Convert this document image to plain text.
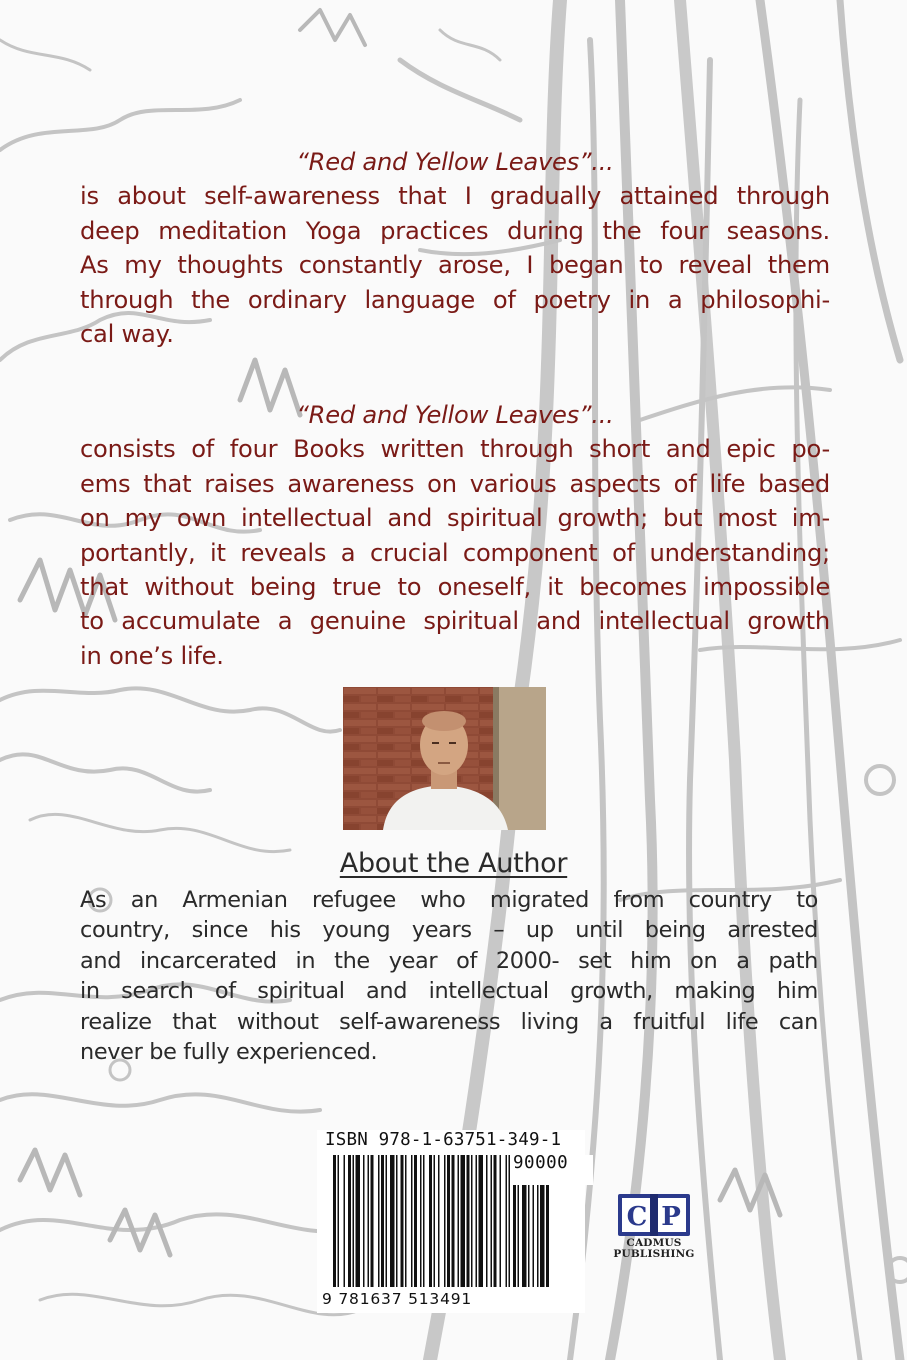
“Red and Yellow Leaves”...
is about self-awareness that I gradually attained through
deep meditation Yoga practices during the four seasons.
As my thoughts constantly arose, I began to reveal them
through the ordinary language of poetry in a philosophi-
cal way.
“Red and Yellow Leaves”...
consists of four Books written through short and epic po-
ems that raises awareness on various aspects of life based
on my own intellectual and spiritual growth; but most im-
portantly, it reveals a crucial component of understanding;
that without being true to oneself, it becomes impossible
to accumulate a genuine spiritual and intellectual growth
in one’s life.
About the Author
As an Armenian refugee who migrated from country to
country, since his young years – up until being arrested
and incarcerated in the year of 2000- set him on a path
in search of spiritual and intellectual growth, making him
realize that without self-awareness living a fruitful life can
never be fully experienced.
ISBN 978-1-63751-349-1
90000
9 781637 513491
C P
CADMUS
PUBLISHING
